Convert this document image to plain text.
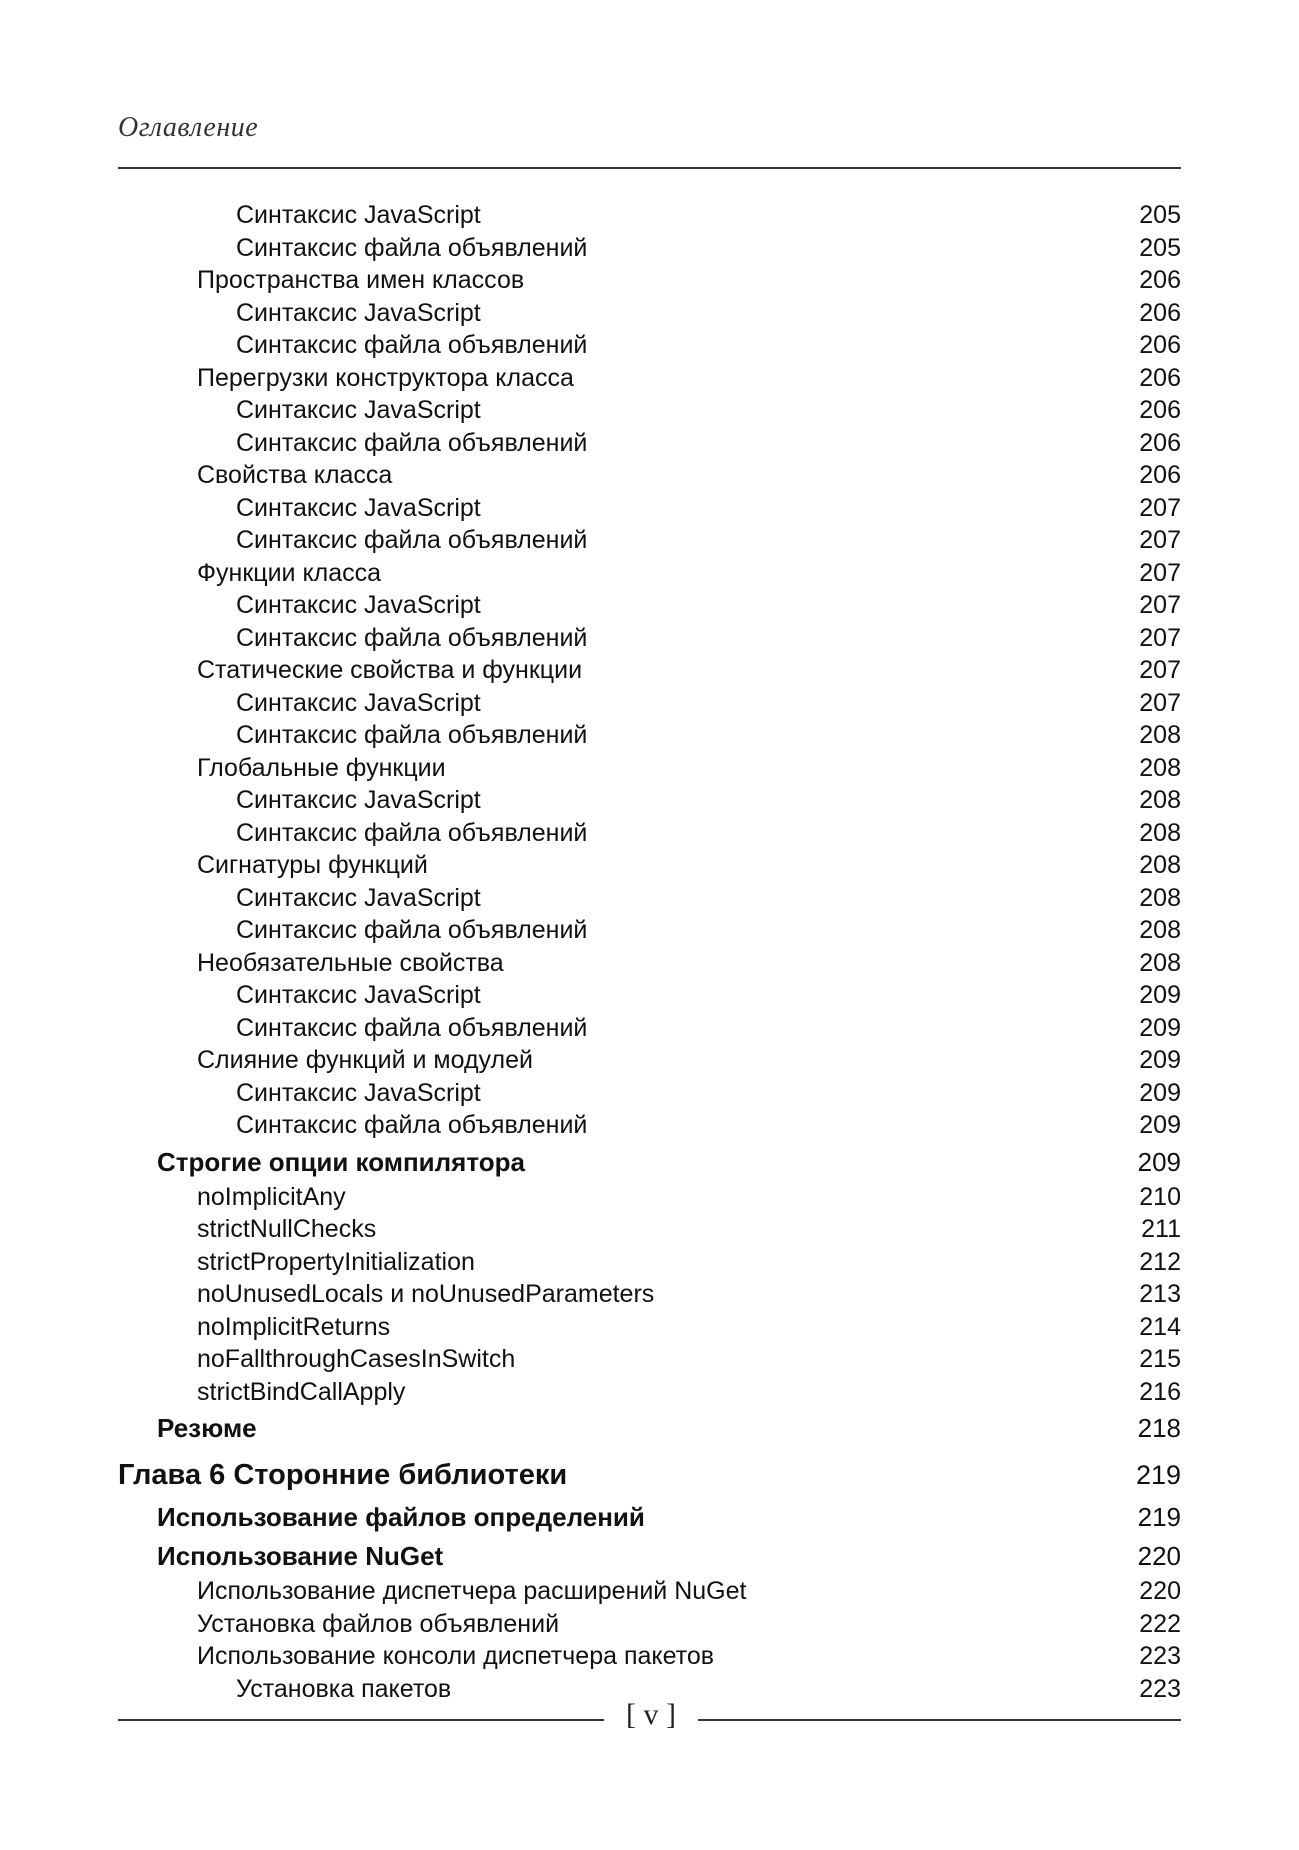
Оглавление
Синтаксис JavaScript	205
Синтаксис файла объявлений	205
Пространства имен классов	206
Синтаксис JavaScript	206
Синтаксис файла объявлений	206
Перегрузки конструктора класса	206
Синтаксис JavaScript	206
Синтаксис файла объявлений	206
Свойства класса	206
Синтаксис JavaScript	207
Синтаксис файла объявлений	207
Функции класса	207
Синтаксис JavaScript	207
Синтаксис файла объявлений	207
Статические свойства и функции	207
Синтаксис JavaScript	207
Синтаксис файла объявлений	208
Глобальные функции	208
Синтаксис JavaScript	208
Синтаксис файла объявлений	208
Сигнатуры функций	208
Синтаксис JavaScript	208
Синтаксис файла объявлений	208
Необязательные свойства	208
Синтаксис JavaScript	209
Синтаксис файла объявлений	209
Слияние функций и модулей	209
Синтаксис JavaScript	209
Синтаксис файла объявлений	209
Строгие опции компилятора	209
noImplicitAny	210
strictNullChecks	211
strictPropertyInitialization	212
noUnusedLocals и noUnusedParameters	213
noImplicitReturns	214
noFallthroughCasesInSwitch	215
strictBindCallApply	216
Резюме	218
Глава 6 Сторонние библиотеки	219
Использование файлов определений	219
Использование NuGet	220
Использование диспетчера расширений NuGet	220
Установка файлов объявлений	222
Использование консоли диспетчера пакетов	223
Установка пакетов	223
[ v ]
